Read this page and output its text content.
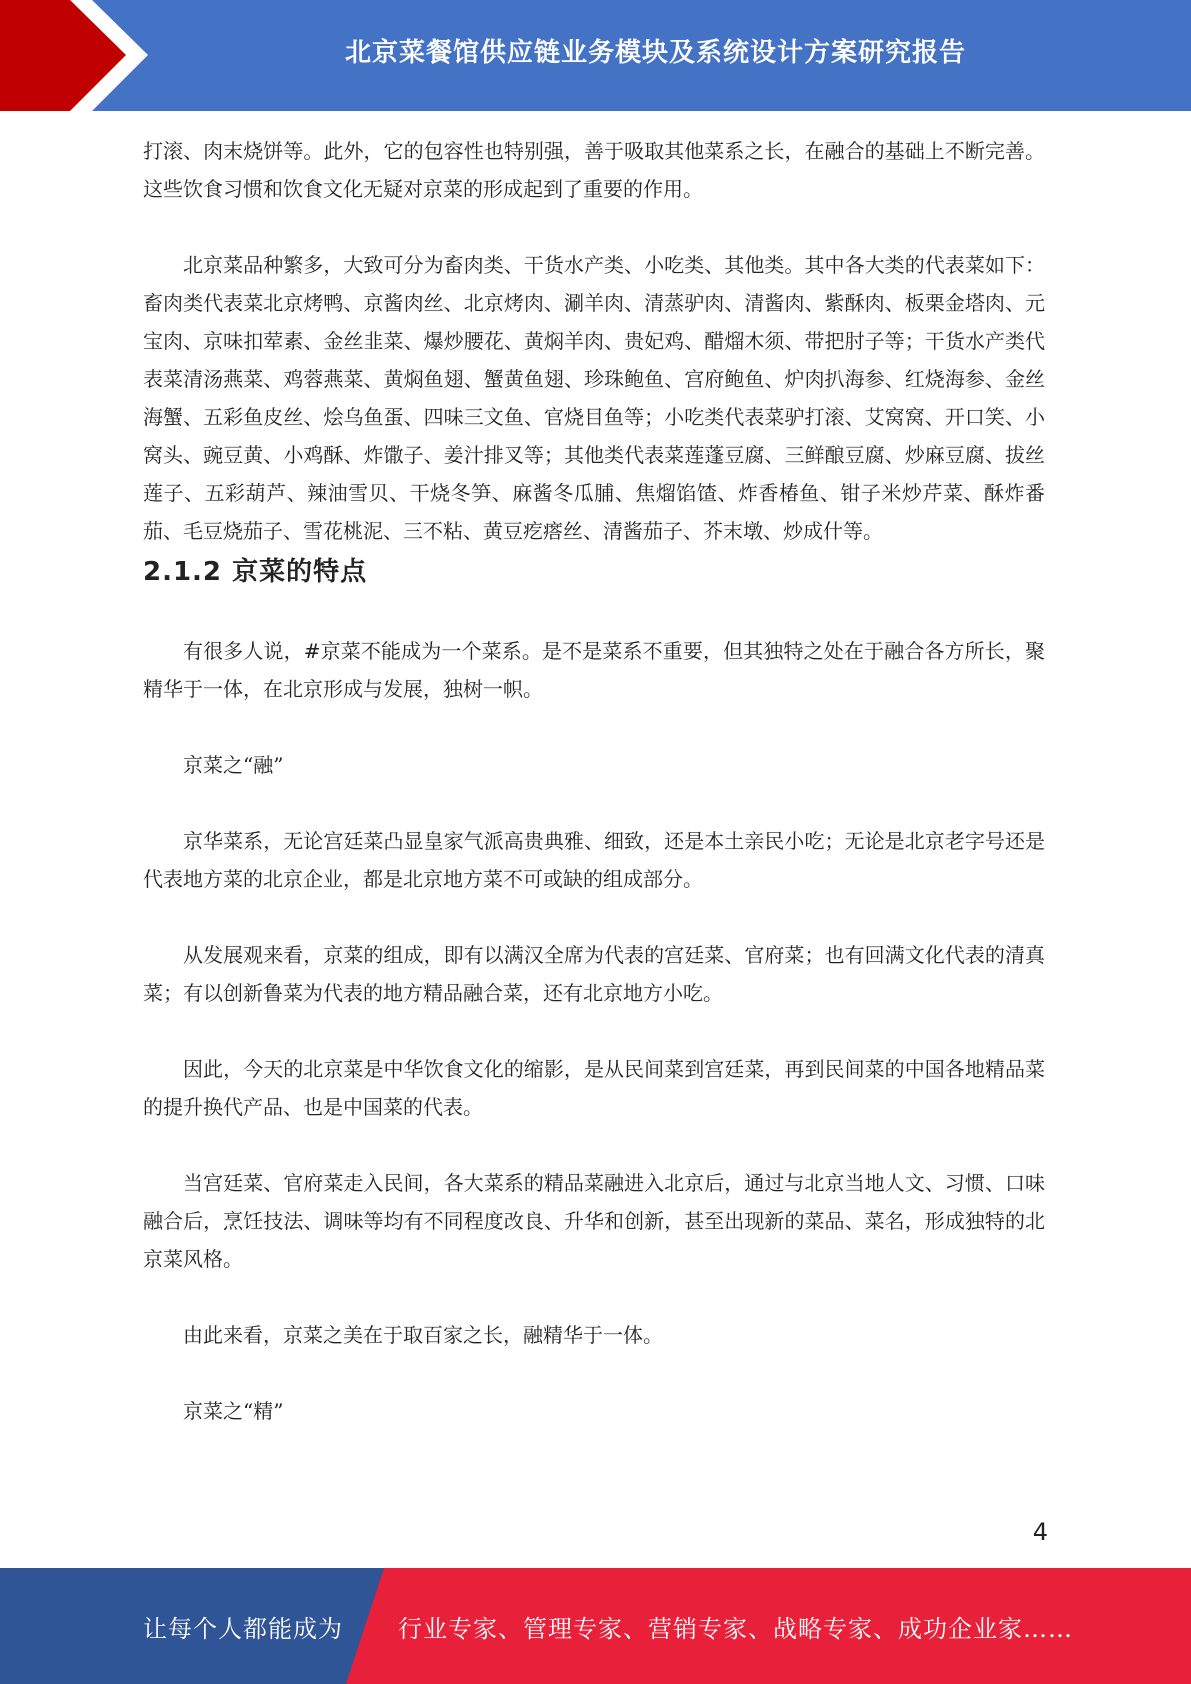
北京菜餐馆供应链业务模块及系统设计方案研究报告

打滚、肉末烧饼等。此外，它的包容性也特别强，善于吸取其他菜系之长，在融合的基础上不断完善。这些饮食习惯和饮食文化无疑对京菜的形成起到了重要的作用。

北京菜品种繁多，大致可分为畜肉类、干货水产类、小吃类、其他类。其中各大类的代表菜如下：畜肉类代表菜北京烤鸭、京酱肉丝、北京烤肉、涮羊肉、清蒸驴肉、清酱肉、紫酥肉、板栗金塔肉、元宝肉、京味扣荤素、金丝韭菜、爆炒腰花、黄焖羊肉、贵妃鸡、醋熘木须、带把肘子等；干货水产类代表菜清汤燕菜、鸡蓉燕菜、黄焖鱼翅、蟹黄鱼翅、珍珠鲍鱼、宫府鲍鱼、炉肉扒海参、红烧海参、金丝海蟹、五彩鱼皮丝、烩乌鱼蛋、四味三文鱼、官烧目鱼等；小吃类代表菜驴打滚、艾窝窝、开口笑、小窝头、豌豆黄、小鸡酥、炸馓子、姜汁排叉等；其他类代表菜莲蓬豆腐、三鲜酿豆腐、炒麻豆腐、拔丝莲子、五彩葫芦、辣油雪贝、干烧冬笋、麻酱冬瓜脯、焦熘馅馇、炸香椿鱼、钳子米炒芹菜、酥炸番茄、毛豆烧茄子、雪花桃泥、三不粘、黄豆疙瘩丝、清酱茄子、芥末墩、炒成什等。

2.1.2 京菜的特点

有很多人说，#京菜不能成为一个菜系。是不是菜系不重要，但其独特之处在于融合各方所长，聚精华于一体，在北京形成与发展，独树一帜。

京菜之“融”

京华菜系，无论宫廷菜凸显皇家气派高贵典雅、细致，还是本土亲民小吃；无论是北京老字号还是代表地方菜的北京企业，都是北京地方菜不可或缺的组成部分。

从发展观来看，京菜的组成，即有以满汉全席为代表的宫廷菜、官府菜；也有回满文化代表的清真菜；有以创新鲁菜为代表的地方精品融合菜，还有北京地方小吃。

因此，今天的北京菜是中华饮食文化的缩影，是从民间菜到宫廷菜，再到民间菜的中国各地精品菜的提升换代产品、也是中国菜的代表。

当宫廷菜、官府菜走入民间，各大菜系的精品菜融进入北京后，通过与北京当地人文、习惯、口味融合后，烹饪技法、调味等均有不同程度改良、升华和创新，甚至出现新的菜品、菜名，形成独特的北京菜风格。

由此来看，京菜之美在于取百家之长，融精华于一体。

京菜之“精”

4
让每个人都能成为 行业专家、管理专家、营销专家、战略专家、成功企业家……
